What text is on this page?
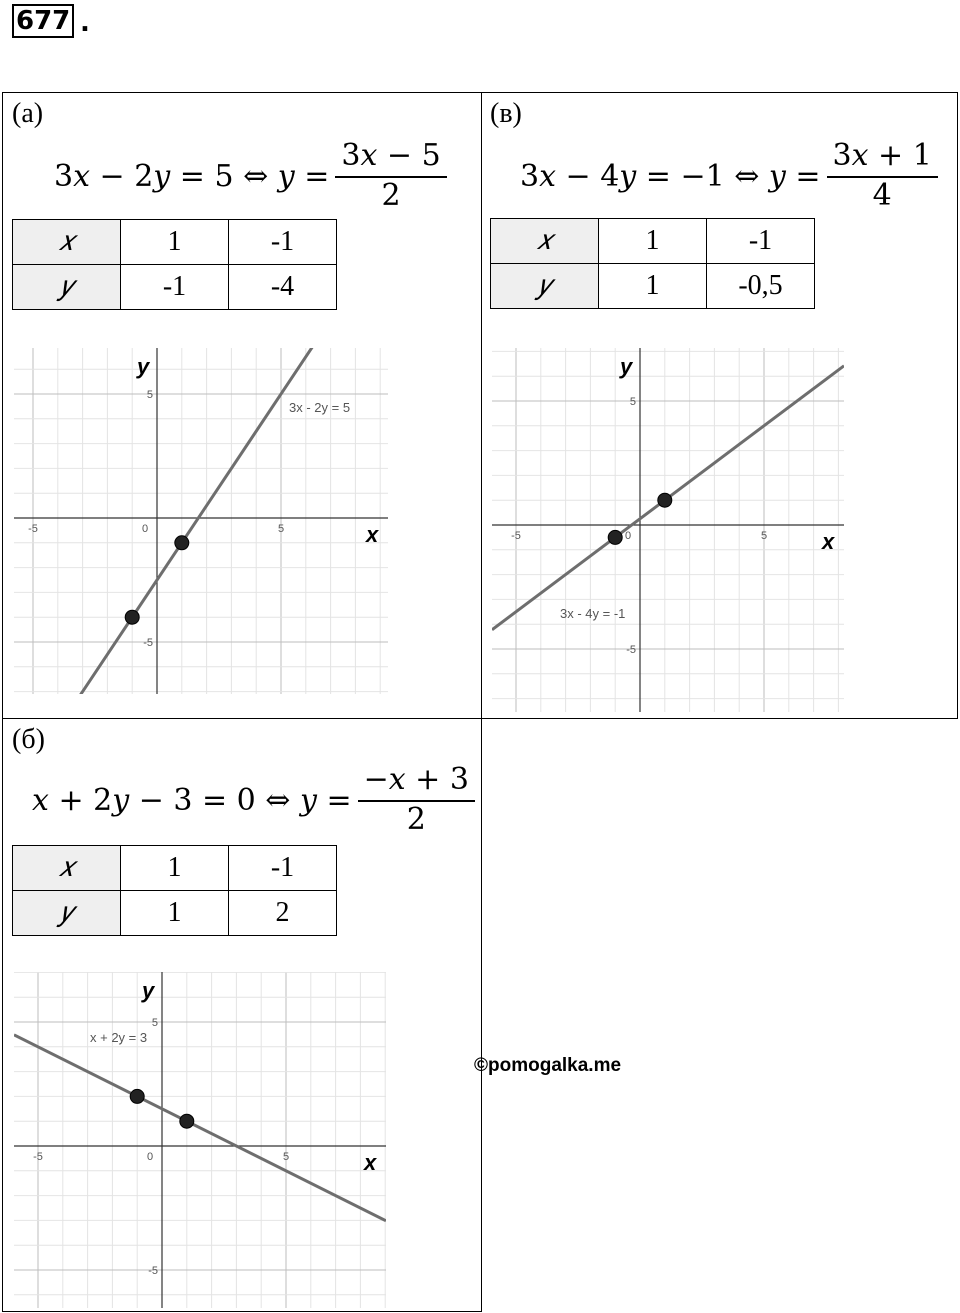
677 .
(а)
3𝑥 − 2𝑦 = 5 ⇔ 𝑦 = $\frac{\text{3𝑥 − 5}}{2}$
𝑥	1	-1
𝑦	-1	-4
-5	0	5
5
-5
x
y
3x - 2y = 5
(в)
3𝑥 − 4𝑦 = −1 ⇔ 𝑦 = $\frac{\text{3𝑥 + 1}}{4}$
𝑥	1	-1
𝑦	1	-0,5
-5	0	5
5
-5
x
y
3x - 4y = -1
(б)
𝑥 + 2𝑦 − 3 = 0 ⇔ 𝑦 = $\frac{\text{−𝑥 + 3}}{2}$
𝑥	1	-1
𝑦	1	2
-5	0	5
5
-5
x
y
x + 2y = 3
©pomogalka.me
